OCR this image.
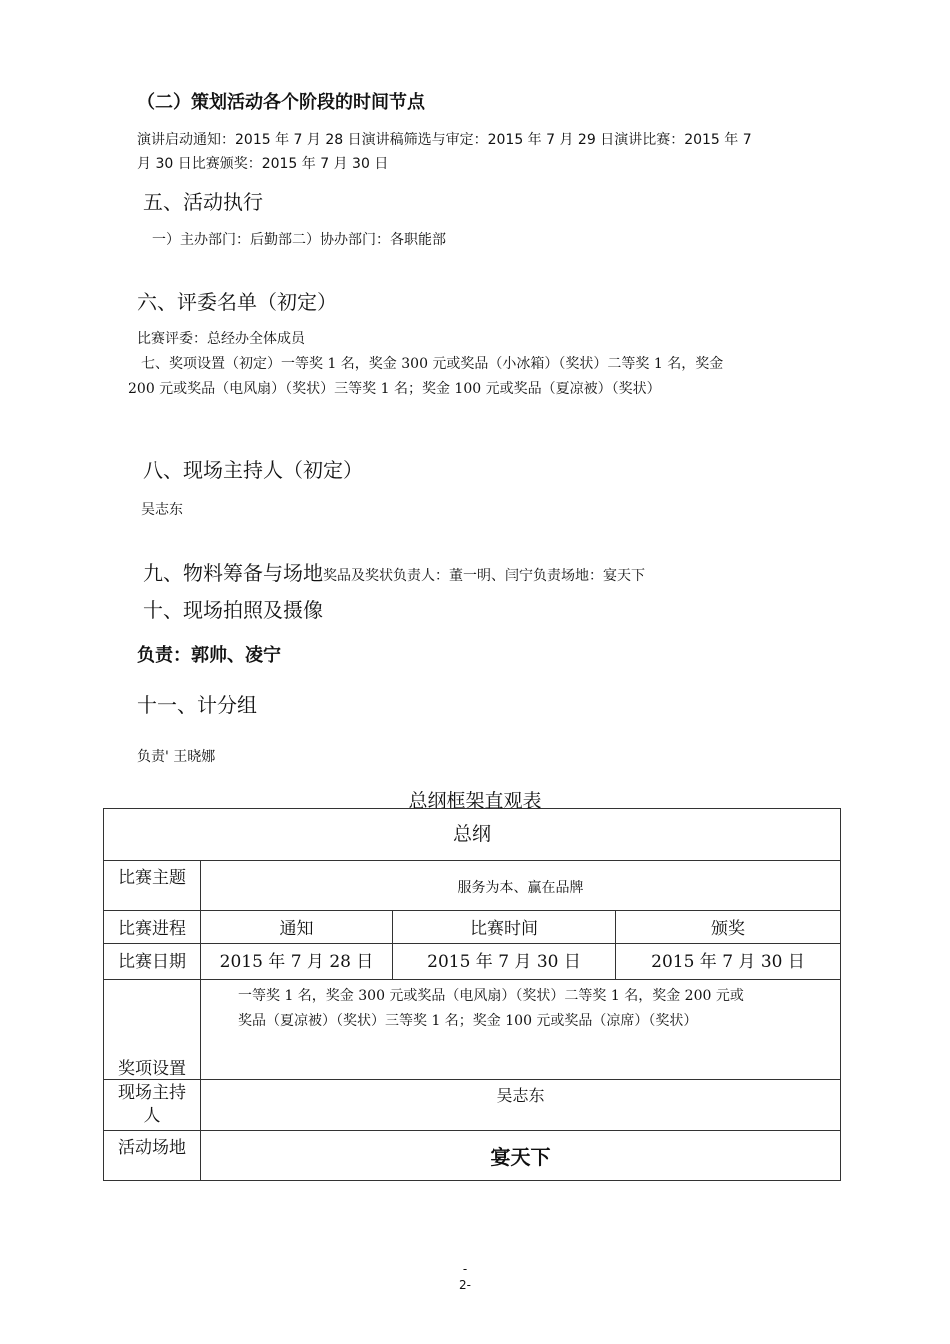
（二）策划活动各个阶段的时间节点
演讲启动通知：2015 年 7 月 28 日演讲稿筛选与审定：2015 年 7 月 29 日演讲比赛：2015 年 7
月 30 日比赛颁奖：2015 年 7 月 30 日
五、活动执行
一）主办部门：后勤部二）协办部门：各职能部
六、评委名单（初定）
比赛评委：总经办全体成员
七、奖项设置（初定）一等奖 1 名，奖金 300 元或奖品（小冰箱）（奖状）二等奖 1 名，奖金
200 元或奖品（电风扇）（奖状）三等奖 1 名；奖金 100 元或奖品（夏凉被）（奖状）
八、现场主持人（初定）
吴志东
九、物料筹备与场地奖品及奖状负责人：董一明、闫宁负责场地：宴天下
十、现场拍照及摄像
负责：郭帅、凌宁
十一、计分组
负责' 王晓娜
总纲框架直观表
总纲			
比赛主题	服务为本、赢在品牌		
比赛进程	通知	比赛时间	颁奖
比赛日期	2015 年 7 月 28 日	2015 年 7 月 30 日	2015 年 7 月 30 日
奖项设置	一等奖 1 名，奖金 300 元或奖品（电风扇）（奖状）二等奖 1 名，奖金 200 元或
奖品（夏凉被）（奖状）三等奖 1 名；奖金 100 元或奖品（凉席）（奖状）		

现场主持人	吴志东		
活动场地	宴天下		
-
2-
